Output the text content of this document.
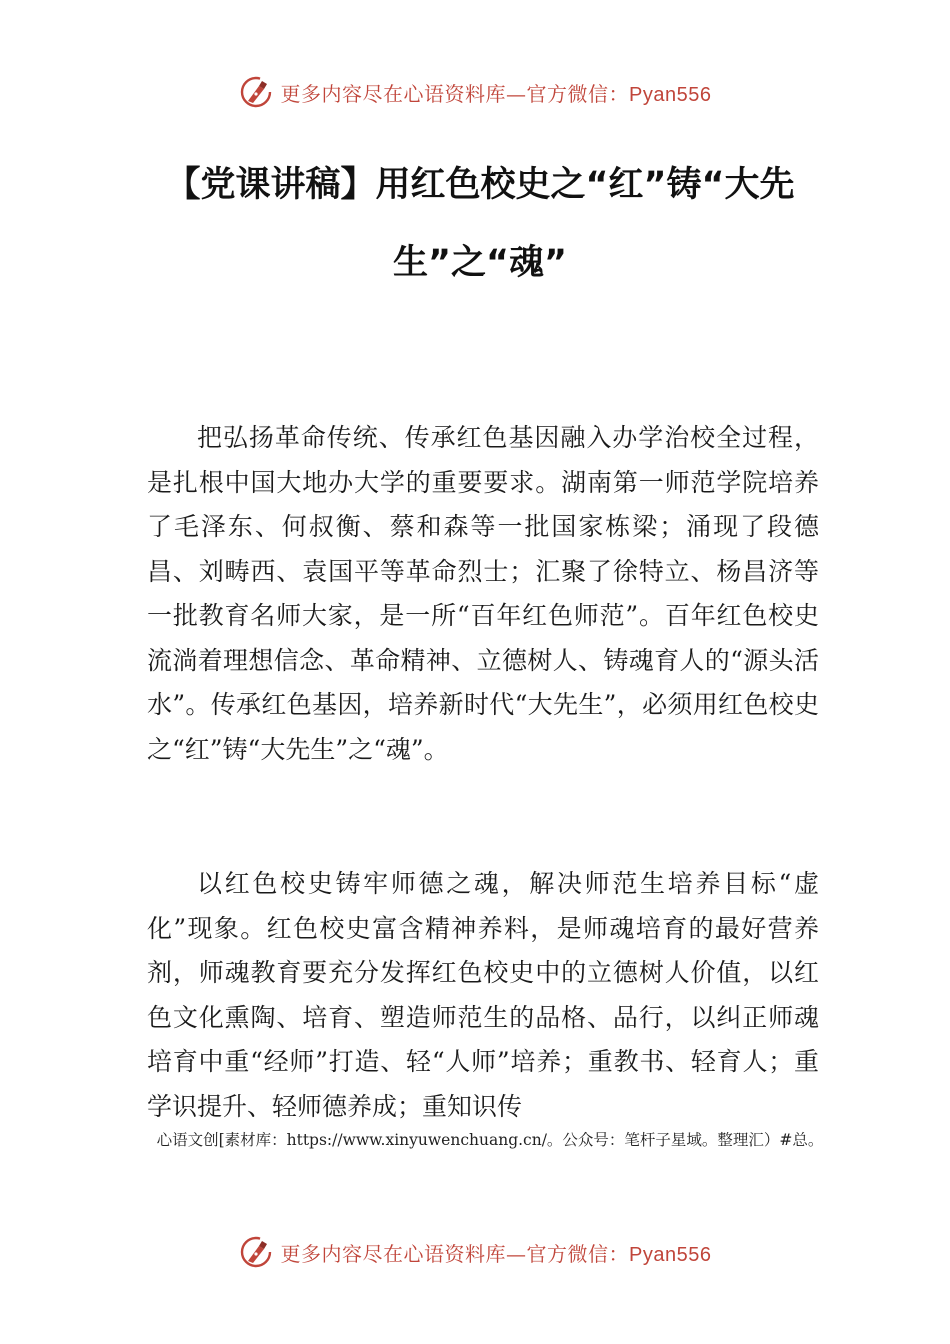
更多内容尽在心语资料库—官方微信：Pyan556
【党课讲稿】用红色校史之“红”铸“大先生”之“魂”

把弘扬革命传统、传承红色基因融入办学治校全过程，是扎根中国大地办大学的重要要求。湖南第一师范学院培养了毛泽东、何叔衡、蔡和森等一批国家栋梁；涌现了段德昌、刘畴西、袁国平等革命烈士；汇聚了徐特立、杨昌济等一批教育名师大家，是一所“百年红色师范”。百年红色校史流淌着理想信念、革命精神、立德树人、铸魂育人的“源头活水”。传承红色基因，培养新时代“大先生”，必须用红色校史之“红”铸“大先生”之“魂”。

以红色校史铸牢师德之魂，解决师范生培养目标“虚化”现象。红色校史富含精神养料，是师魂培育的最好营养剂，师魂教育要充分发挥红色校史中的立德树人价值，以红色文化熏陶、培育、塑造师范生的品格、品行，以纠正师魂培育中重“经师”打造、轻“人师”培养；重教书、轻育人；重学识提升、轻师德养成；重知识传

心语文创[素材库：https://www.xinyuwenchuang.cn/。公众号：笔杆子星域。整理汇）#总。
更多内容尽在心语资料库—官方微信：Pyan556
